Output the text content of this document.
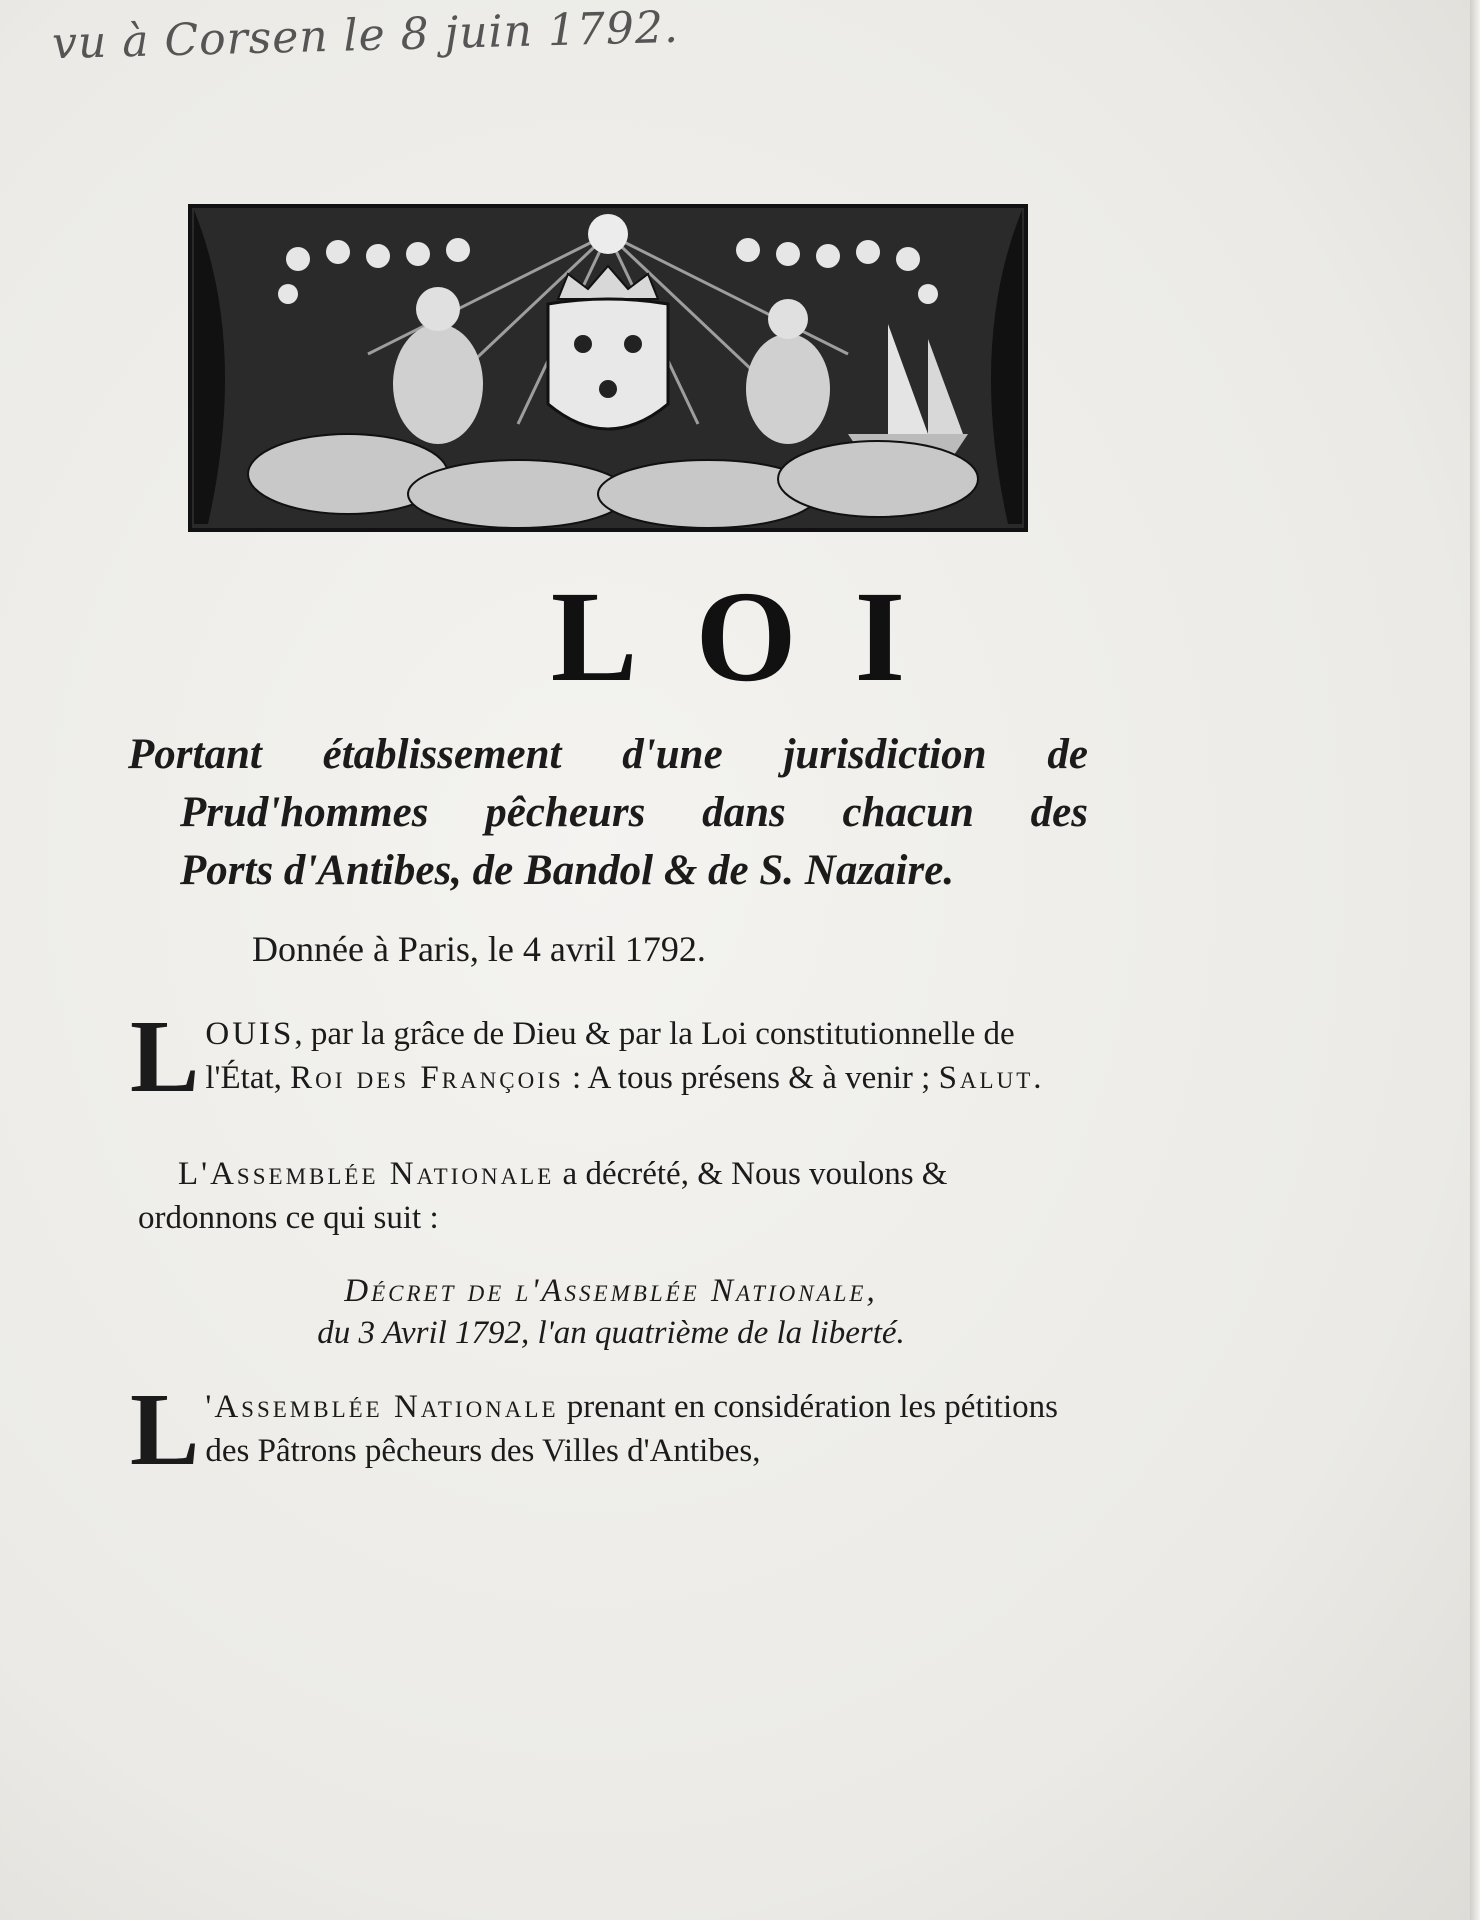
vu à Corsen le 8 juin 1792.
LOI
Portant établissement d'une jurisdiction de
Prud'hommes pêcheurs dans chacun des
Ports d'Antibes, de Bandol & de S. Nazaire.
Donnée à Paris, le 4 avril 1792.
LOUIS, par la grâce de Dieu & par la Loi constitutionnelle de l'État, Roi des François : A tous présens & à venir ; Salut.
L'Assemblée Nationale a décrété, & Nous voulons & ordonnons ce qui suit :
Décret de l'Assemblée Nationale,
du 3 Avril 1792, l'an quatrième de la liberté.
L 'Assemblée Nationale prenant en considération les pétitions des Pâtrons pêcheurs des Villes d'Antibes,
